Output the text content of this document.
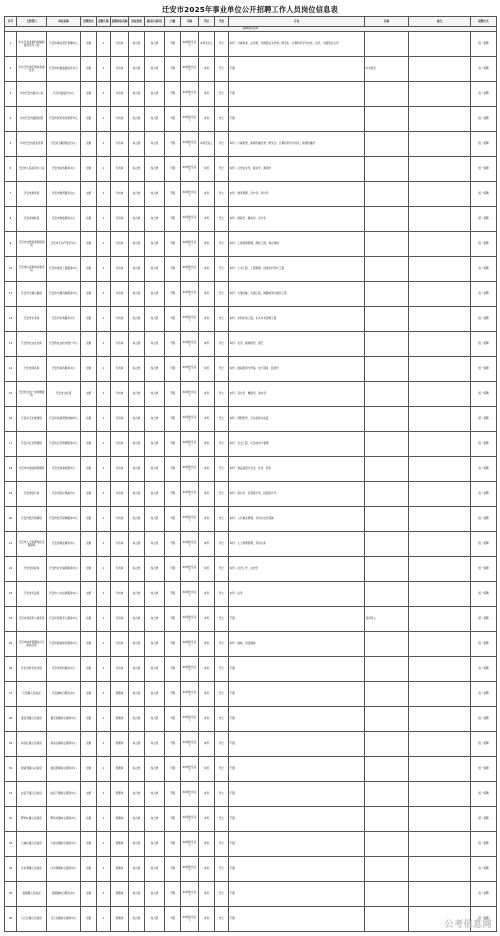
迁安市2025年事业单位公开招聘工作人员岗位信息表
序号	主管部门	单位名称	经费形式	招聘人数	招聘岗位名称	岗位类别	笔试专业科目	户籍	年龄	学历	学位	专业	其他	备注	招聘方式
招聘岗位条件															
1	中共迁安市委机构编制委员会办公室	迁安市事业登记管理中心	全额	1	专技岗	综合类	综合类	不限	30周岁及以下	本科及以上	学士	本科：计算机类，法学类，中国语言文学类；研究生：计算机科学与技术，法学，中国语言文学			统一招聘
2	中共迁安市纪律检查委员会	迁安市纪委监委信息中心	全额	1	专技岗	综合类	综合类	不限	30周岁及以下	本科	学士	不限	中共党员		统一招聘
3	中共迁安市委办公室	迁安市委信息中心	全额	1	专技岗	综合类	综合类	不限	30周岁及以下	本科	学士	不限			统一招聘
4	中共迁安市委组织部	迁安市党员电化教育中心	全额	1	专技岗	综合类	综合类	不限	30周岁及以下	本科	学士	不限			统一招聘
5	中共迁安市委宣传部	迁安市互联网信息中心	全额	1	专技岗	综合类	综合类	不限	30周岁及以下	本科及以上	学士	本科：计算机类，新闻传播学类；研究生：计算机科学与技术，新闻传播学			统一招聘
6	迁安市人民政府办公室	迁安市政务服务中心	全额	1	专技岗	综合类	综合类	不限	30周岁及以下	本科	学士	本科：汉语言文学，秘书学，新闻学			统一招聘
7	迁安市教育局	迁安市教育服务中心	全额	1	专技岗	综合类	综合类	不限	30周岁及以下	本科	学士	本科：财务管理，会计学，审计学			统一招聘
8	迁安市财政局	迁安市财政服务中心	全额	1	专技岗	综合类	综合类	不限	30周岁及以下	本科	学士	本科：财政学，税收学，会计学			统一招聘
9	迁安市自然资源和规划局	迁安市不动产登记中心	全额	1	专技岗	综合类	综合类	不限	30周岁及以下	本科	学士	本科：土地资源管理，测绘工程，城乡规划			统一招聘
10	迁安市住房和城乡建设局	迁安市建设工程服务中心	全额	1	专技岗	综合类	综合类	不限	30周岁及以下	本科	学士	本科：土木工程，工程管理，给排水科学与工程			统一招聘
11	迁安市交通运输局	迁安市交通运输服务中心	全额	1	专技岗	综合类	综合类	不限	30周岁及以下	本科	学士	本科：交通运输，交通工程，道路桥梁与渡河工程			统一招聘
12	迁安市水务局	迁安市水利服务中心	全额	1	专技岗	综合类	综合类	不限	30周岁及以下	本科	学士	本科：水利水电工程，水文与水资源工程			统一招聘
13	迁安市农业农村局	迁安市农业技术推广中心	全额	1	专技岗	综合类	综合类	不限	30周岁及以下	本科	学士	本科：农学，植物保护，园艺			统一招聘
14	迁安市商务局	迁安市商务服务中心	全额	1	专技岗	综合类	综合类	不限	30周岁及以下	本科	学士	本科：国际经济与贸易，电子商务，经济学			统一招聘
15	迁安市文化广电和旅游局	迁安市文化馆	全额	1	专技岗	综合类	综合类	不限	30周岁及以下	本科	学士	本科：音乐学，舞蹈学，美术学			统一招聘
16	迁安市卫生健康局	迁安市疾病预防控制中心	全额	1	专技岗	综合类	综合类	不限	30周岁及以下	本科	学士	本科：预防医学，卫生检验与检疫			统一招聘
17	迁安市应急管理局	迁安市应急管理服务中心	全额	1	专技岗	综合类	综合类	不限	30周岁及以下	本科	学士	本科：安全工程，应急技术与管理			统一招聘
18	迁安市市场监督管理局	迁安市检验检测中心	全额	1	专技岗	综合类	综合类	不限	30周岁及以下	本科	学士	本科：食品质量与安全，化学，药学			统一招聘
19	迁安市统计局	迁安市统计调查中心	全额	1	专技岗	综合类	综合类	不限	30周岁及以下	本科	学士	本科：统计学，应用统计学，经济统计学			统一招聘
20	迁安市医疗保障局	迁安市医疗保障服务中心	全额	1	专技岗	综合类	综合类	不限	30周岁及以下	本科	学士	本科：公共事业管理，劳动与社会保障			统一招聘
21	迁安市人力资源和社会保障局	迁安市就业服务中心	全额	1	专技岗	综合类	综合类	不限	30周岁及以下	本科	学士	本科：人力资源管理，劳动关系			统一招聘
22	迁安市民政局	迁安市社会福利服务中心	全额	1	专技岗	综合类	综合类	不限	30周岁及以下	本科	学士	本科：社会工作，社会学			统一招聘
23	迁安市司法局	迁安市公共法律服务中心	全额	1	专技岗	综合类	综合类	不限	30周岁及以下	本科	学士	本科：法学			统一招聘
24	迁安市退役军人事务局	迁安市退役军人服务中心	全额	1	专技岗	综合类	综合类	不限	30周岁及以下	本科	学士	不限	退役军人		统一招聘
25	迁安市城市管理综合行政执法局	迁安市园林绿化服务中心	全额	1	专技岗	综合类	综合类	不限	30周岁及以下	本科	学士	本科：园林，风景园林			统一招聘
26	迁安市科学技术局	迁安市科技服务中心	全额	1	专技岗	综合类	综合类	不限	30周岁及以下	本科	学士	不限			统一招聘
27	迁安镇人民政府	迁安镇综合服务中心	全额	1	管理岗	综合类	综合类	不限	30周岁及以下	本科	学士	不限			统一招聘
28	夏官营镇人民政府	夏官营镇综合服务中心	全额	1	管理岗	综合类	综合类	不限	30周岁及以下	本科	学士	不限			统一招聘
29	杨各庄镇人民政府	杨各庄镇综合服务中心	全额	1	管理岗	综合类	综合类	不限	30周岁及以下	本科	学士	不限			统一招聘
30	建昌营镇人民政府	建昌营镇综合服务中心	全额	1	管理岗	综合类	综合类	不限	30周岁及以下	本科	学士	不限			统一招聘
31	赵店子镇人民政府	赵店子镇综合服务中心	全额	1	管理岗	综合类	综合类	不限	30周岁及以下	本科	学士	不限			统一招聘
32	野鸡坨镇人民政府	野鸡坨镇综合服务中心	全额	1	管理岗	综合类	综合类	不限	30周岁及以下	本科	学士	不限			统一招聘
33	大崔庄镇人民政府	大崔庄镇综合服务中心	全额	1	管理岗	综合类	综合类	不限	30周岁及以下	本科	学士	不限			统一招聘
34	沙河驿镇人民政府	沙河驿镇综合服务中心	全额	1	管理岗	综合类	综合类	不限	30周岁及以下	本科	学士	不限			统一招聘
35	蔡园镇人民政府	蔡园镇综合服务中心	全额	1	管理岗	综合类	综合类	不限	30周岁及以下	本科	学士	不限			统一招聘
36	马兰庄镇人民政府	马兰庄镇综合服务中心	全额	1	管理岗	综合类	综合类	不限	30周岁及以下	本科	学士	不限			统一招聘
公考信息网
